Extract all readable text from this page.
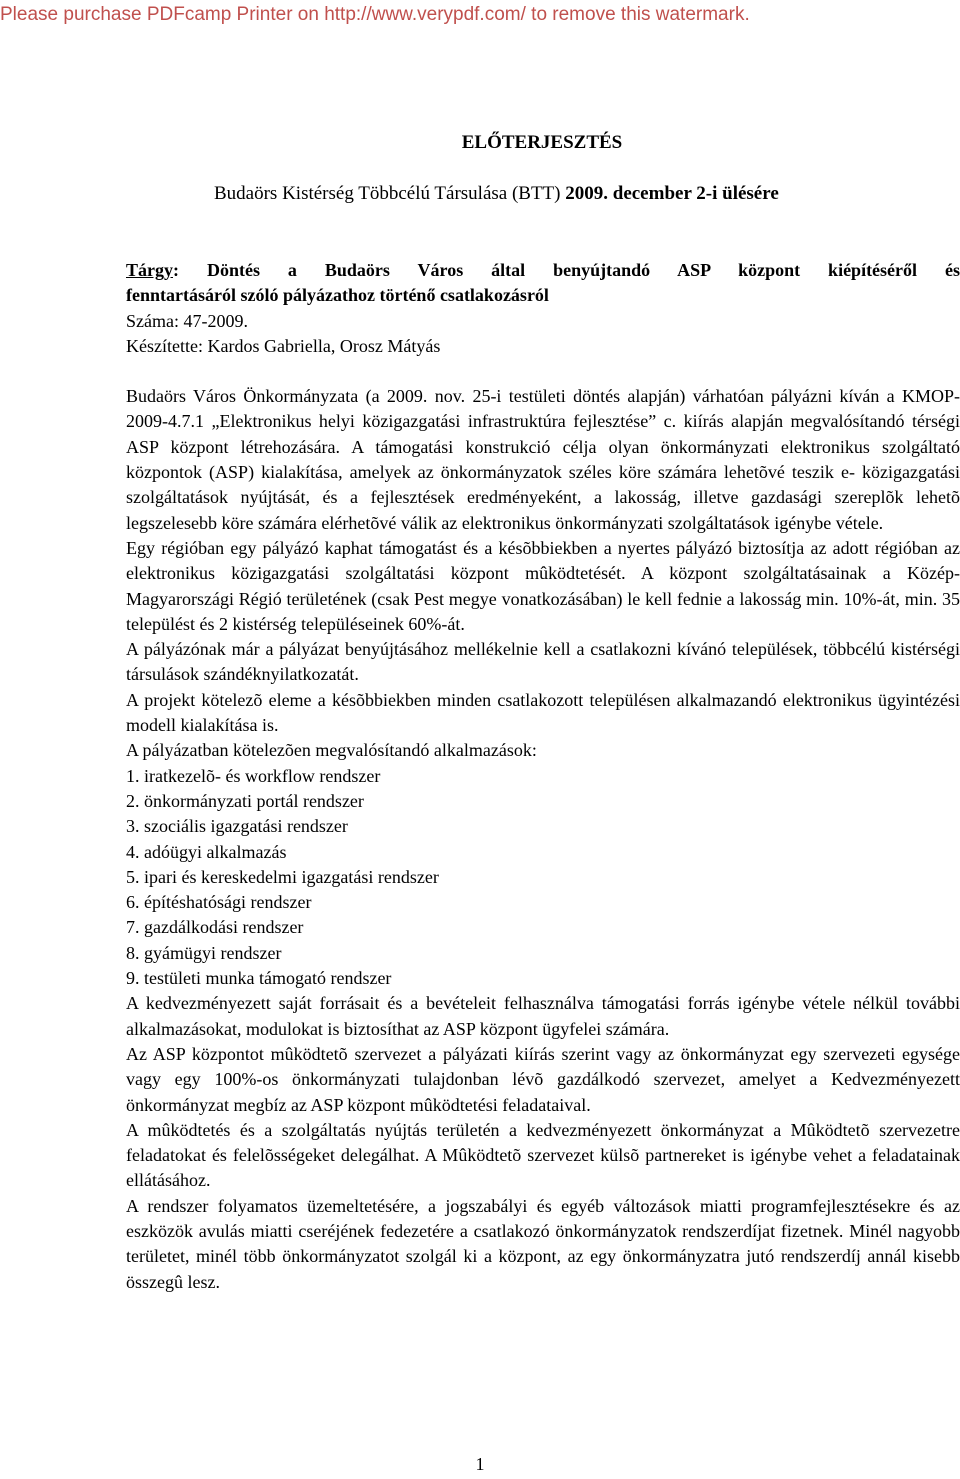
Please purchase PDFcamp Printer on http://www.verypdf.com/ to remove this watermark.
ELŐTERJESZTÉS
Budaörs Kistérség Többcélú Társulása (BTT) 2009. december 2-i ülésére

Tárgy: Döntés a Budaörs Város által benyújtandó ASP központ kiépítéséről és

fenntartásáról szóló pályázathoz történő csatlakozásról

Száma: 47-2009.

Készítette: Kardos Gabriella, Orosz Mátyás

Budaörs Város Önkormányzata (a 2009. nov. 25-i testületi döntés alapján) várhatóan pályázni kíván a KMOP-2009-4.7.1 „Elektronikus helyi közigazgatási infrastruktúra fejlesztése” c. kiírás alapján megvalósítandó térségi ASP központ létrehozására. A támogatási konstrukció célja olyan önkormányzati elektronikus szolgáltató központok (ASP) kialakítása, amelyek az önkormányzatok széles köre számára lehetõvé teszik e- közigazgatási szolgáltatások nyújtását, és a fejlesztések eredményeként, a lakosság, illetve gazdasági szereplõk lehetõ legszelesebb köre számára elérhetõvé válik az elektronikus önkormányzati szolgáltatások igénybe vétele.

Egy régióban egy pályázó kaphat támogatást és a késõbbiekben a nyertes pályázó biztosítja az adott régióban az elektronikus közigazgatási szolgáltatási központ mûködtetését. A központ szolgáltatásainak a Közép-Magyarországi Régió területének (csak Pest megye vonatkozásában) le kell fednie a lakosság min. 10%-át, min. 35 települést és 2 kistérség településeinek 60%-át.

A pályázónak már a pályázat benyújtásához mellékelnie kell a csatlakozni kívánó települések, többcélú kistérségi társulások szándéknyilatkozatát.

A projekt kötelezõ eleme a késõbbiekben minden csatlakozott településen alkalmazandó elektronikus ügyintézési modell kialakítása is.

A pályázatban kötelezõen megvalósítandó alkalmazások:

1. iratkezelõ- és workflow rendszer
2. önkormányzati portál rendszer
3. szociális igazgatási rendszer
4. adóügyi alkalmazás
5. ipari és kereskedelmi igazgatási rendszer
6. építéshatósági rendszer
7. gazdálkodási rendszer
8. gyámügyi rendszer
9. testületi munka támogató rendszer

A kedvezményezett saját forrásait és a bevételeit felhasználva támogatási forrás igénybe vétele nélkül további alkalmazásokat, modulokat is biztosíthat az ASP központ ügyfelei számára.

Az ASP központot mûködtetõ szervezet a pályázati kiírás szerint vagy az önkormányzat egy szervezeti egysége vagy egy 100%-os önkormányzati tulajdonban lévõ gazdálkodó szervezet, amelyet a Kedvezményezett önkormányzat megbíz az ASP központ mûködtetési feladataival.

A mûködtetés és a szolgáltatás nyújtás területén a kedvezményezett önkormányzat a Mûködtetõ szervezetre feladatokat és felelõsségeket delegálhat. A Mûködtetõ szervezet külsõ partnereket is igénybe vehet a feladatainak ellátásához.

A rendszer folyamatos üzemeltetésére, a jogszabályi és egyéb változások miatti programfejlesztésekre és az eszközök avulás miatti cseréjének fedezetére a csatlakozó önkormányzatok rendszerdíjat fizetnek. Minél nagyobb területet, minél több önkormányzatot szolgál ki a központ, az egy önkormányzatra jutó rendszerdíj annál kisebb összegû lesz.

1
